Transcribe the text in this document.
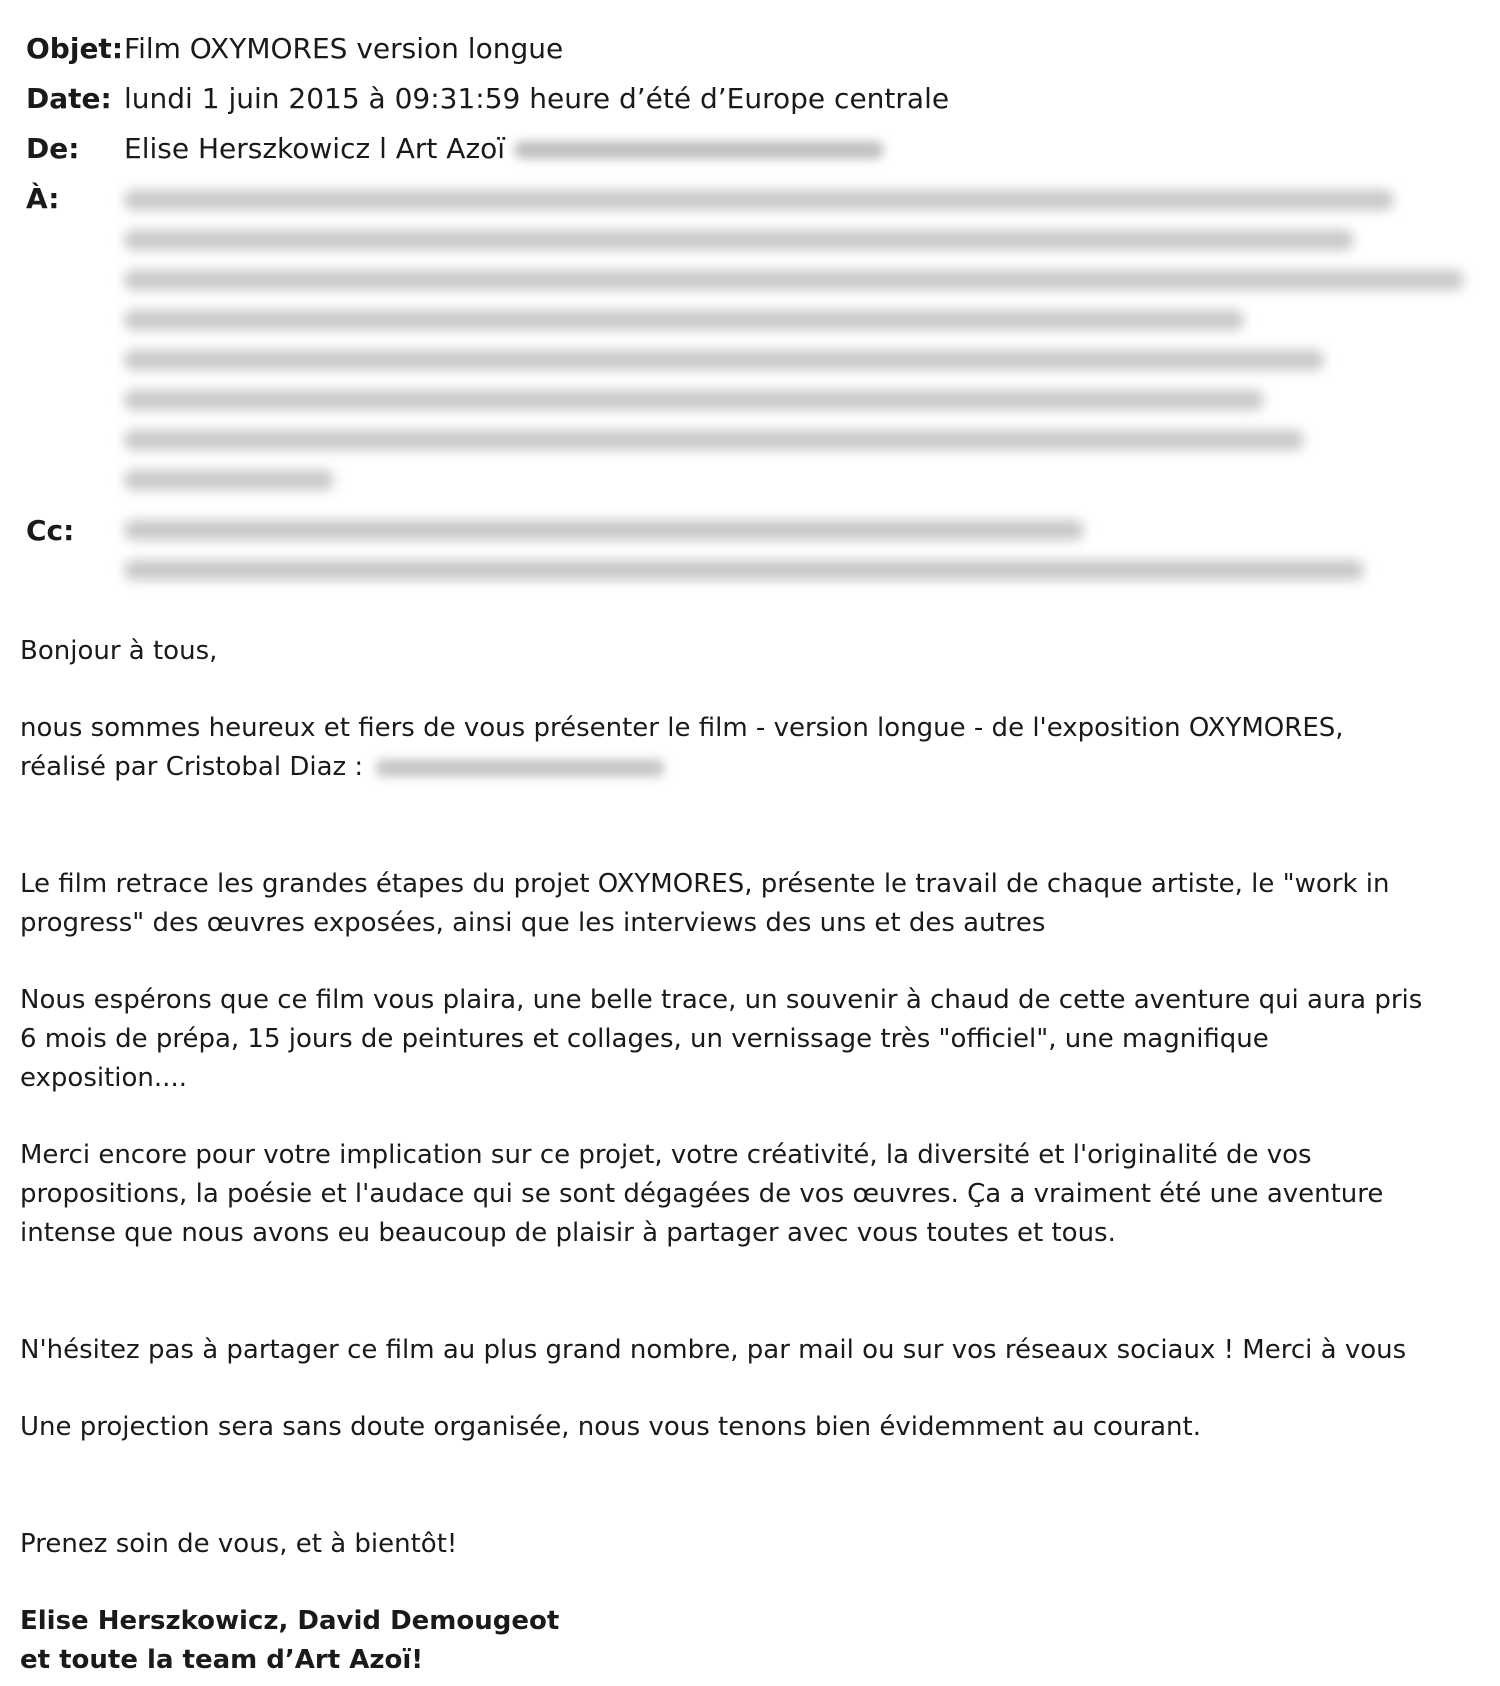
Objet: Film OXYMORES version longue
Date: lundi 1 juin 2015 à 09:31:59 heure d’été d’Europe centrale
De: Elise Herszkowicz l Art Azoï
À:
Cc:

Bonjour à tous,

nous sommes heureux et fiers de vous présenter le film - version longue - de l'exposition OXYMORES,

réalisé par Cristobal Diaz :

Le film retrace les grandes étapes du projet OXYMORES, présente le travail de chaque artiste, le "work in
progress" des œuvres exposées, ainsi que les interviews des uns et des autres

Nous espérons que ce film vous plaira, une belle trace, un souvenir à chaud de cette aventure qui aura pris
6 mois de prépa, 15 jours de peintures et collages, un vernissage très "officiel", une magnifique
exposition....

Merci encore pour votre implication sur ce projet, votre créativité, la diversité et l'originalité de vos
propositions, la poésie et l'audace qui se sont dégagées de vos œuvres. Ça a vraiment été une aventure
intense que nous avons eu beaucoup de plaisir à partager avec vous toutes et tous.

N'hésitez pas à partager ce film au plus grand nombre, par mail ou sur vos réseaux sociaux ! Merci à vous

Une projection sera sans doute organisée, nous vous tenons bien évidemment au courant.

Prenez soin de vous, et à bientôt!

Elise Herszkowicz, David Demougeot

et toute la team d’Art Azoï!
